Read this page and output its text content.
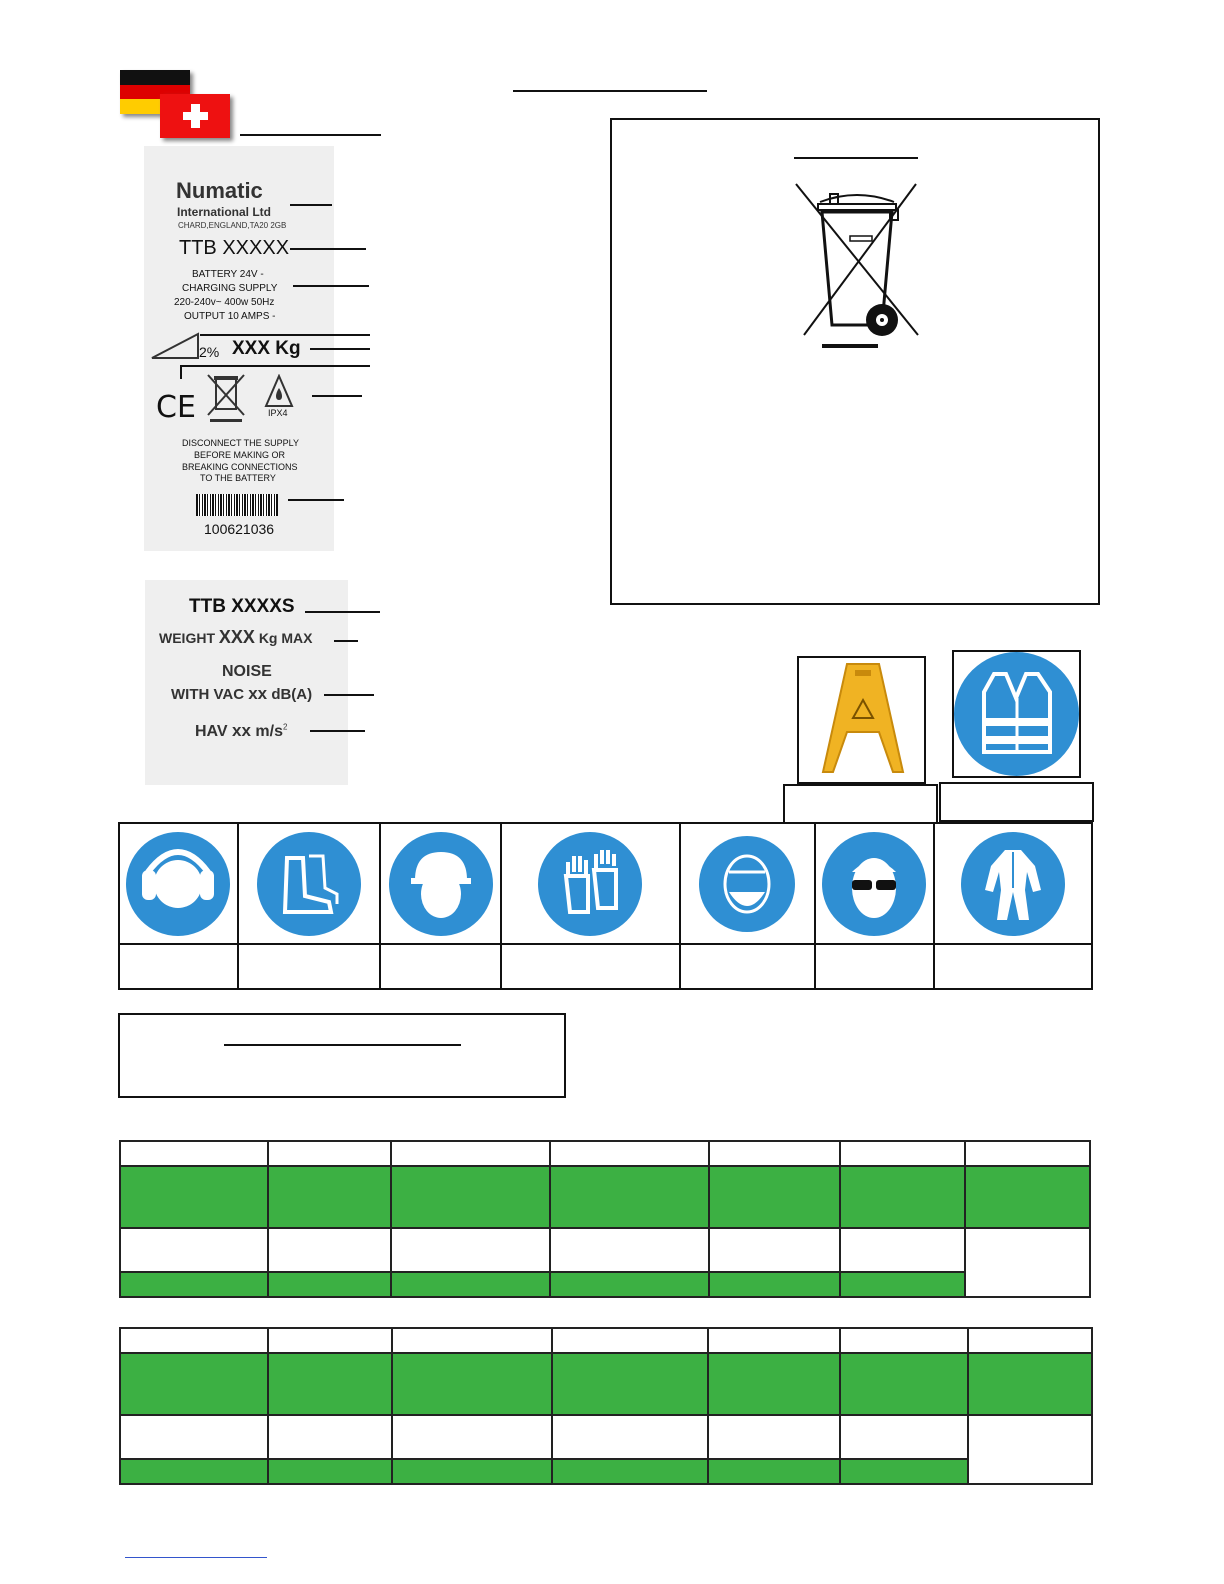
Numatic
International Ltd
CHARD,ENGLAND,TA20 2GB
TTB XXXXX
BATTERY 24V -
CHARGING SUPPLY
220-240v~ 400w 50Hz
OUTPUT 10 AMPS -
2% XXX Kg
CE	IPX4
DISCONNECT THE SUPPLY
BEFORE MAKING OR
BREAKING CONNECTIONS
TO THE BATTERY
100621036
TTB XXXXS
WEIGHT XXX Kg MAX
NOISE
WITH VAC xx dB(A)
HAV xx $m/s^2$
